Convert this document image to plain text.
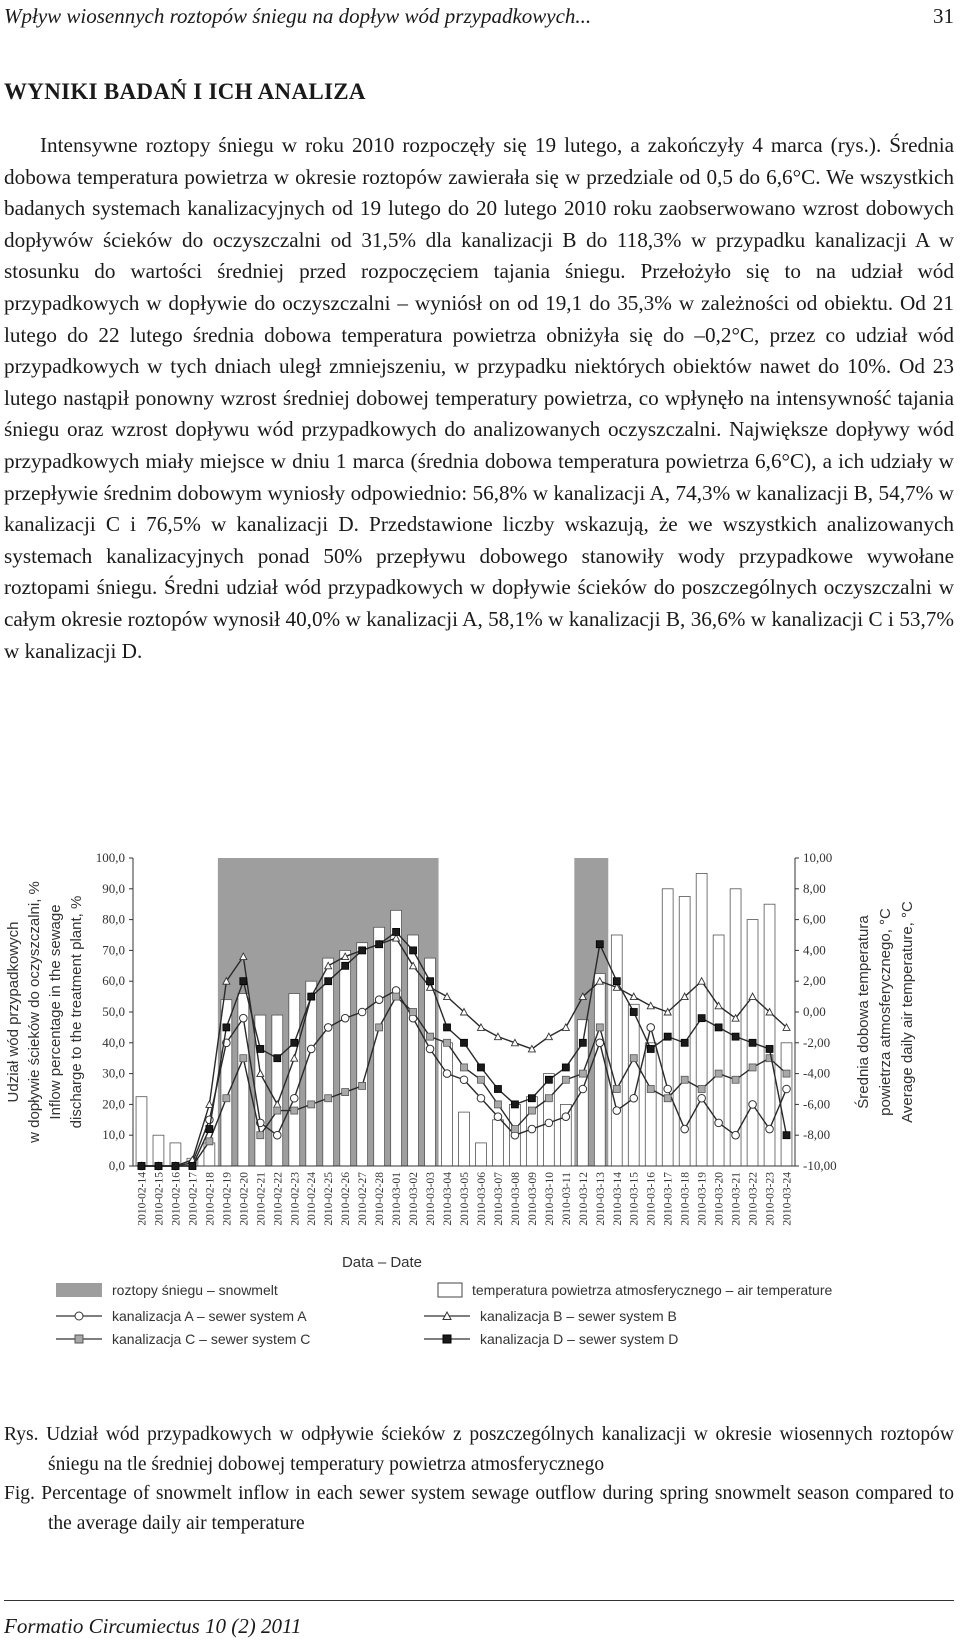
Wpływ wiosennych roztopów śniegu na dopływ wód przypadkowych...	31
WYNIKI BADAŃ I ICH ANALIZA

Intensywne roztopy śniegu w roku 2010 rozpoczęły się 19 lutego, a zakończyły 4 marca (rys.). Średnia dobowa temperatura powietrza w okresie roztopów zawierała się w przedziale od 0,5 do 6,6°C. We wszystkich badanych systemach kanalizacyjnych od 19 lutego do 20 lutego 2010 roku zaobserwowano wzrost dobowych dopływów ścieków do oczyszczalni od 31,5% dla kanalizacji B do 118,3% w przypadku kanalizacji A w stosunku do wartości średniej przed rozpoczęciem tajania śniegu. Przełożyło się to na udział wód przypadkowych w dopływie do oczyszczalni – wyniósł on od 19,1 do 35,3% w zależności od obiektu. Od 21 lutego do 22 lutego średnia dobowa temperatura powietrza obniżyła się do –0,2°C, przez co udział wód przypadkowych w tych dniach uległ zmniejszeniu, w przypadku niektórych obiektów nawet do 10%. Od 23 lutego nastąpił ponowny wzrost średniej dobowej temperatury powietrza, co wpłynęło na intensywność tajania śniegu oraz wzrost dopływu wód przypadkowych do analizowanych oczyszczalni. Największe dopływy wód przypadkowych miały miejsce w dniu 1 marca (średnia dobowa temperatura powietrza 6,6°C), a ich udziały w przepływie średnim dobowym wyniosły odpowiednio: 56,8% w kanalizacji A, 74,3% w kanalizacji B, 54,7% w kanalizacji C i 76,5% w kanalizacji D. Przedstawione liczby wskazują, że we wszystkich analizowanych systemach kanalizacyjnych ponad 50% przepływu dobowego stanowiły wody przypadkowe wywołane roztopami śniegu. Średni udział wód przypadkowych w dopływie ścieków do poszczególnych oczyszczalni w całym okresie roztopów wynosił 40,0% w kanalizacji A, 58,1% w kanalizacji B, 36,6% w kanalizacji C i 53,7% w kanalizacji D.

0,0
10,0
20,0
30,0
40,0
50,0
60,0
70,0
80,0
90,0
100,0
-10,00
-8,00
-6,00
-4,00
-2,00
0,00
2,00
4,00
6,00
8,00
10,00
2010-02-14 2010-02-15 2010-02-16 2010-02-17 2010-02-18 2010-02-19 2010-02-20 2010-02-21 2010-02-22 2010-02-23 2010-02-24 2010-02-25 2010-02-26 2010-02-27 2010-02-28 2010-03-01 2010-03-02 2010-03-03 2010-03-04 2010-03-05 2010-03-06 2010-03-07 2010-03-08 2010-03-09 2010-03-10 2010-03-11 2010-03-12 2010-03-13 2010-03-14 2010-03-15 2010-03-16 2010-03-17 2010-03-18 2010-03-19 2010-03-20 2010-03-21 2010-03-22 2010-03-23 2010-03-24
Udział wód przypadkowych w dopływie ścieków do oczyszczalni, % Inflow percentage in the sewage discharge to the treatment plant, %	Średnia dobowa temperatura powietrza atmosferycznego, °C Average daily air temperature, °C
Data – Date
roztopy śniegu – snowmelt	temperatura powietrza atmosferycznego – air temperature
kanalizacja A – sewer system A	kanalizacja B – sewer system B
kanalizacja C – sewer system C	kanalizacja D – sewer system D

Rys. Udział wód przypadkowych w odpływie ścieków z poszczególnych kanalizacji w okresie wiosennych roztopów śniegu na tle średniej dobowej temperatury powietrza atmosferycznego

Fig. Percentage of snowmelt inflow in each sewer system sewage outflow during spring snowmelt season compared to the average daily air temperature

Formatio Circumiectus 10 (2) 2011
